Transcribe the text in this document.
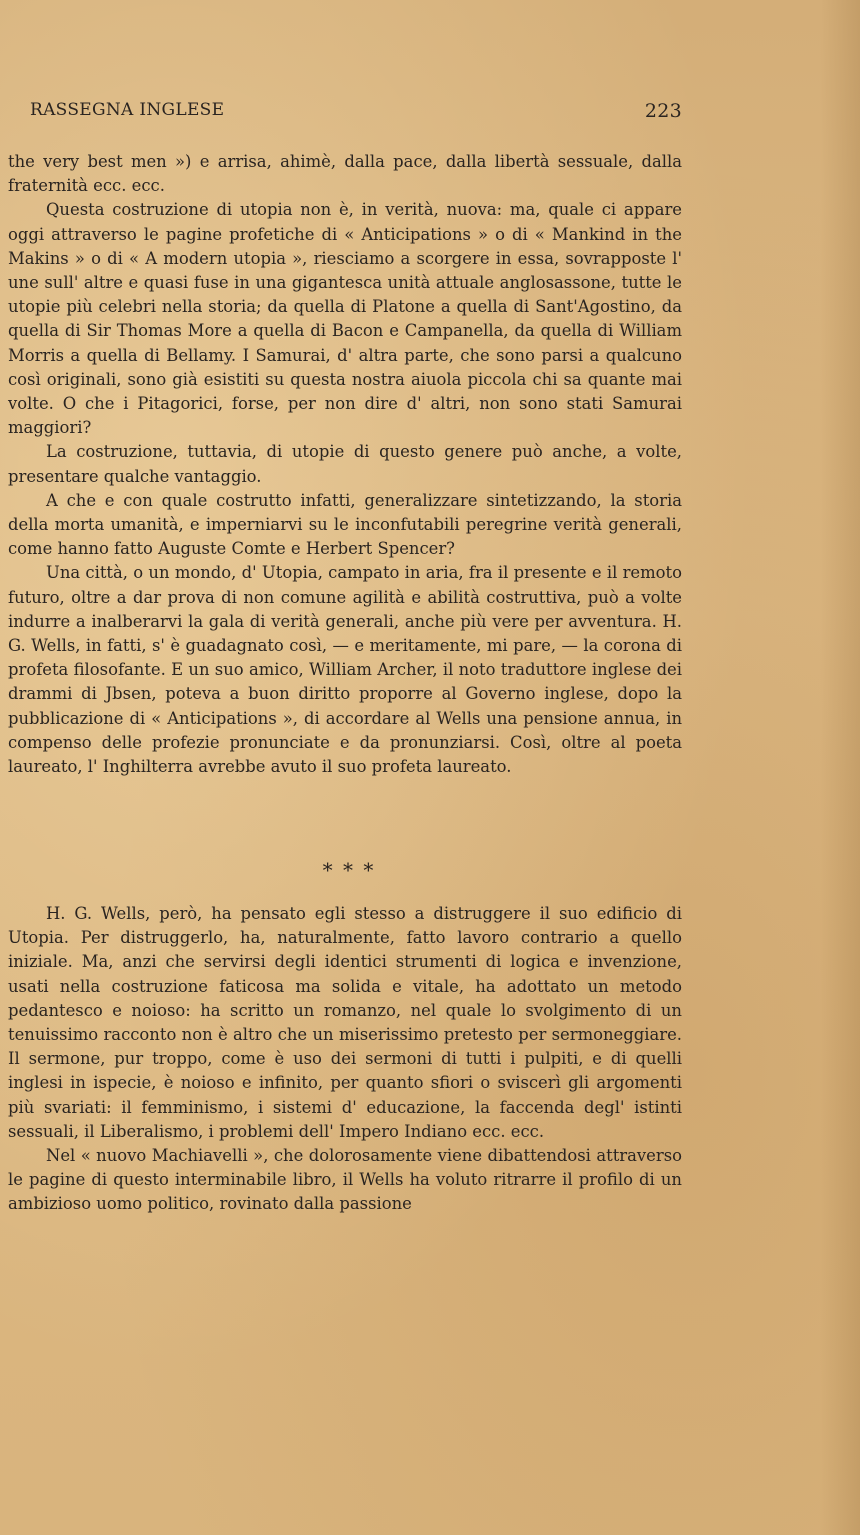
RASSEGNA INGLESE	223

the very best men ») e arrisa, ahimè, dalla pace, dalla libertà sessuale, dalla fraternità ecc. ecc.

Questa costruzione di utopia non è, in verità, nuova: ma, quale ci appare oggi attraverso le pagine profetiche di « Anticipations » o di « Mankind in the Makins » o di « A modern utopia », riesciamo a scorgere in essa, sovrapposte l' une sull' altre e quasi fuse in una gigantesca unità attuale anglosassone, tutte le utopie più celebri nella storia; da quella di Platone a quella di Sant'Agostino, da quella di Sir Thomas More a quella di Bacon e Campanella, da quella di William Morris a quella di Bellamy. I Samurai, d' altra parte, che sono parsi a qualcuno così originali, sono già esistiti su questa nostra aiuola piccola chi sa quante mai volte. O che i Pitagorici, forse, per non dire d' altri, non sono stati Samurai maggiori?

La costruzione, tuttavia, di utopie di questo genere può anche, a volte, presentare qualche vantaggio.

A che e con quale costrutto infatti, generalizzare sintetizzando, la storia della morta umanità, e imperniarvi su le inconfutabili peregrine verità generali, come hanno fatto Auguste Comte e Herbert Spencer?

Una città, o un mondo, d' Utopia, campato in aria, fra il presente e il remoto futuro, oltre a dar prova di non comune agilità e abilità costruttiva, può a volte indurre a inalberarvi la gala di verità generali, anche più vere per avventura. H. G. Wells, in fatti, s' è guadagnato così, — e meritamente, mi pare, — la corona di profeta filosofante. E un suo amico, William Archer, il noto traduttore inglese dei drammi di Jbsen, poteva a buon diritto proporre al Governo inglese, dopo la pubblicazione di « Anticipations », di accordare al Wells una pensione annua, in compenso delle profezie pronunciate e da pronunziarsi. Così, oltre al poeta laureato, l' Inghilterra avrebbe avuto il suo profeta laureato.

* * *

H. G. Wells, però, ha pensato egli stesso a distruggere il suo edificio di Utopia. Per distruggerlo, ha, naturalmente, fatto lavoro contrario a quello iniziale. Ma, anzi che servirsi degli identici strumenti di logica e invenzione, usati nella costruzione faticosa ma solida e vitale, ha adottato un metodo pedantesco e noioso: ha scritto un romanzo, nel quale lo svolgimento di un tenuissimo racconto non è altro che un miserissimo pretesto per sermoneggiare. Il sermone, pur troppo, come è uso dei sermoni di tutti i pulpiti, e di quelli inglesi in ispecie, è noioso e infinito, per quanto sfiori o sviscerì gli argomenti più svariati: il femminismo, i sistemi d' educazione, la faccenda degl' istinti sessuali, il Liberalismo, i problemi dell' Impero Indiano ecc. ecc.

Nel « nuovo Machiavelli », che dolorosamente viene dibattendosi attraverso le pagine di questo interminabile libro, il Wells ha voluto ritrarre il profilo di un ambizioso uomo politico, rovinato dalla passione
